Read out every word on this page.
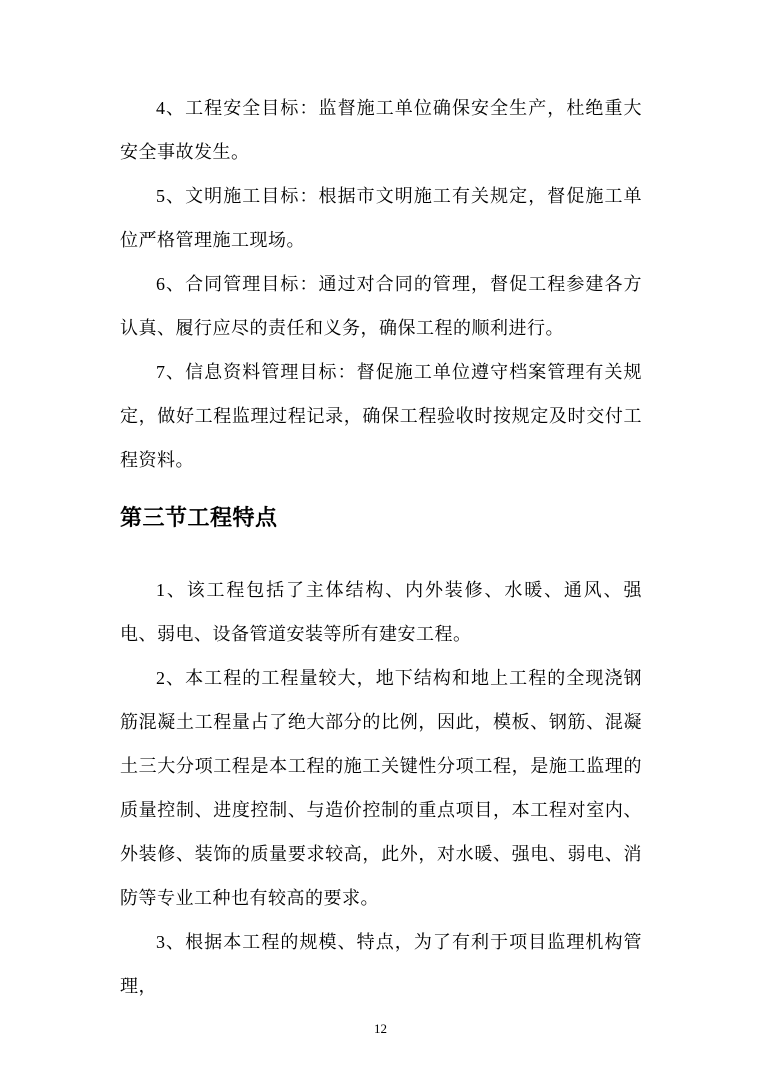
4、工程安全目标：监督施工单位确保安全生产，杜绝重大安全事故发生。

5、文明施工目标：根据市文明施工有关规定，督促施工单位严格管理施工现场。

6、合同管理目标：通过对合同的管理，督促工程参建各方认真、履行应尽的责任和义务，确保工程的顺利进行。

7、信息资料管理目标：督促施工单位遵守档案管理有关规定，做好工程监理过程记录，确保工程验收时按规定及时交付工程资料。

第三节工程特点

1、该工程包括了主体结构、内外装修、水暖、通风、强电、弱电、设备管道安装等所有建安工程。

2、本工程的工程量较大，地下结构和地上工程的全现浇钢筋混凝土工程量占了绝大部分的比例，因此，模板、钢筋、混凝土三大分项工程是本工程的施工关键性分项工程，是施工监理的质量控制、进度控制、与造价控制的重点项目，本工程对室内、外装修、装饰的质量要求较高，此外，对水暖、强电、弱电、消防等专业工种也有较高的要求。

3、根据本工程的规模、特点，为了有利于项目监理机构管理，

12
